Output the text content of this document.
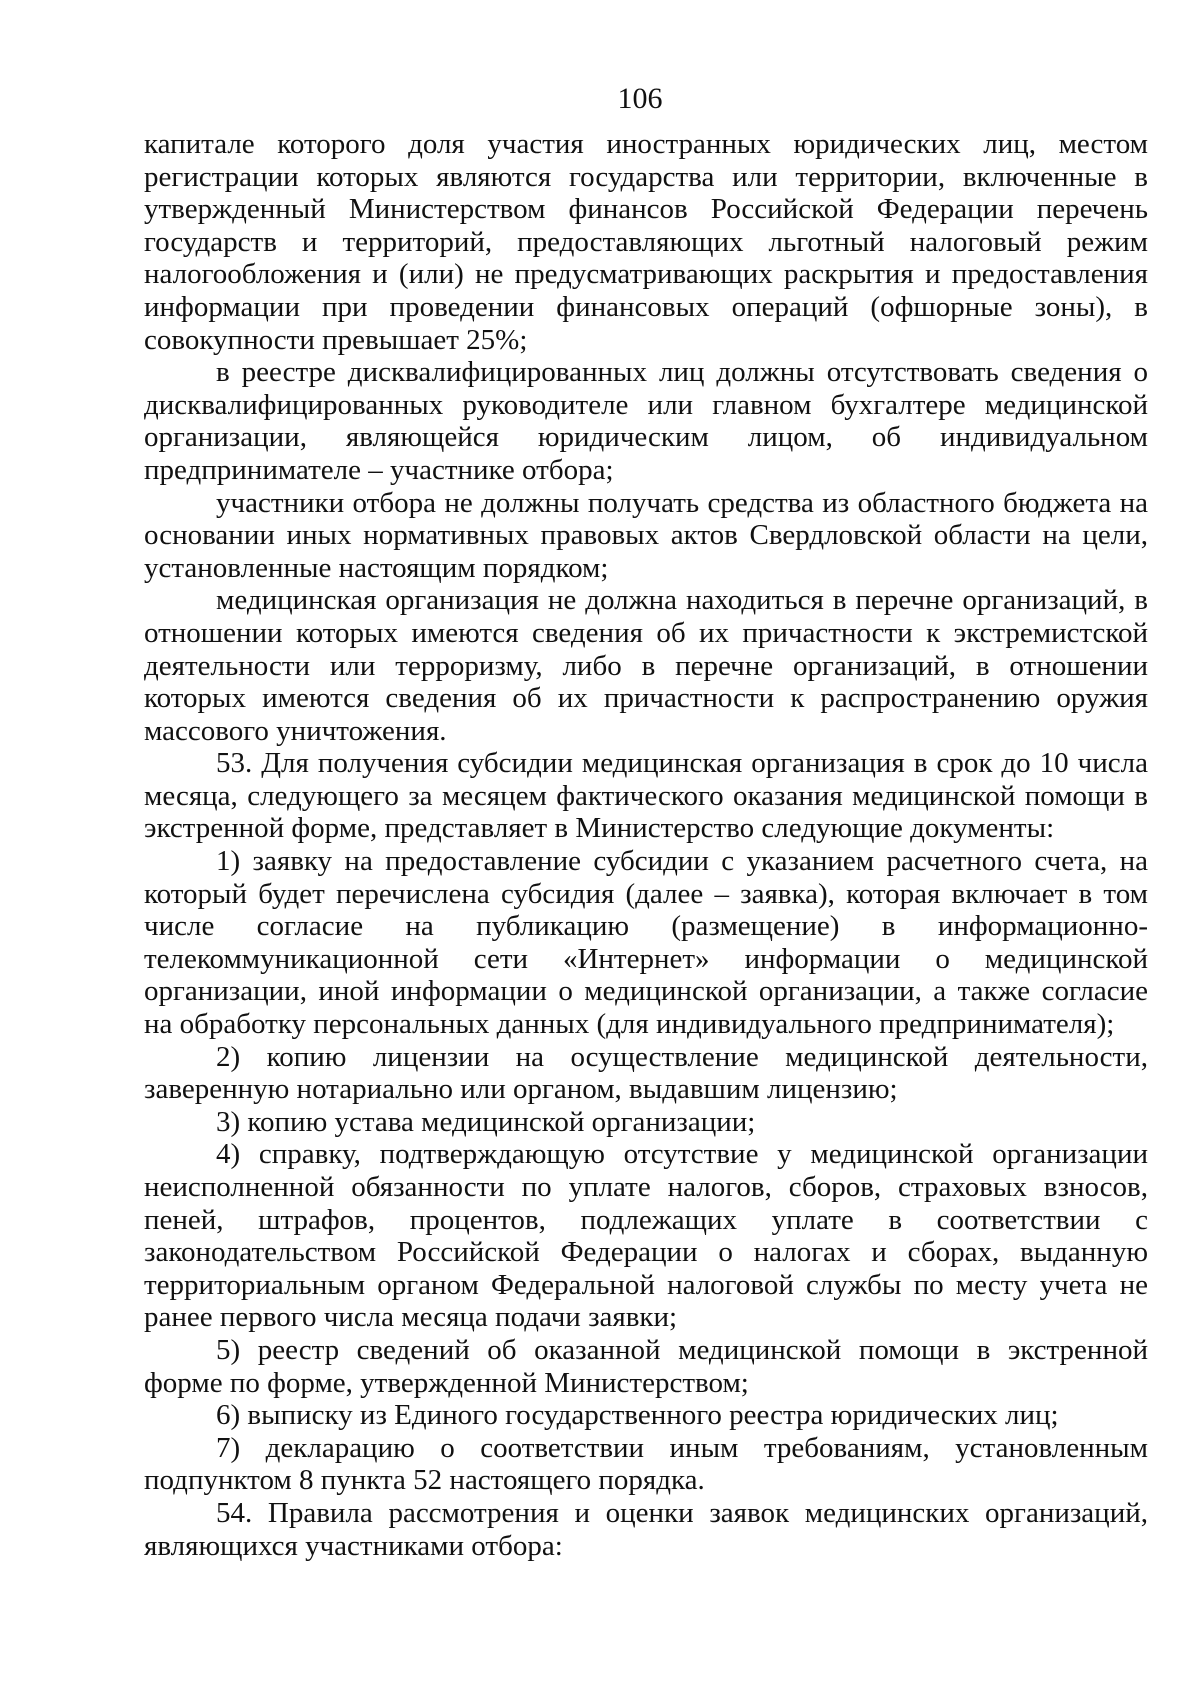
106

капитале которого доля участия иностранных юридических лиц, местом регистрации которых являются государства или территории, включенные в утвержденный Министерством финансов Российской Федерации перечень государств и территорий, предоставляющих льготный налоговый режим налогообложения и (или) не предусматривающих раскрытия и предоставления информации при проведении финансовых операций (офшорные зоны), в совокупности превышает 25%;

в реестре дисквалифицированных лиц должны отсутствовать сведения о дисквалифицированных руководителе или главном бухгалтере медицинской организации, являющейся юридическим лицом, об индивидуальном предпринимателе – участнике отбора;

участники отбора не должны получать средства из областного бюджета на основании иных нормативных правовых актов Свердловской области на цели, установленные настоящим порядком;

медицинская организация не должна находиться в перечне организаций, в отношении которых имеются сведения об их причастности к экстремистской деятельности или терроризму, либо в перечне организаций, в отношении которых имеются сведения об их причастности к распространению оружия массового уничтожения.

53. Для получения субсидии медицинская организация в срок до 10 числа месяца, следующего за месяцем фактического оказания медицинской помощи в экстренной форме, представляет в Министерство следующие документы:

1) заявку на предоставление субсидии с указанием расчетного счета, на который будет перечислена субсидия (далее – заявка), которая включает в том числе согласие на публикацию (размещение) в информационно-телекоммуникационной сети «Интернет» информации о медицинской организации, иной информации о медицинской организации, а также согласие на обработку персональных данных (для индивидуального предпринимателя);

2) копию лицензии на осуществление медицинской деятельности, заверенную нотариально или органом, выдавшим лицензию;

3) копию устава медицинской организации;

4) справку, подтверждающую отсутствие у медицинской организации неисполненной обязанности по уплате налогов, сборов, страховых взносов, пеней, штрафов, процентов, подлежащих уплате в соответствии с законодательством Российской Федерации о налогах и сборах, выданную территориальным органом Федеральной налоговой службы по месту учета не ранее первого числа месяца подачи заявки;

5) реестр сведений об оказанной медицинской помощи в экстренной форме по форме, утвержденной Министерством;

6) выписку из Единого государственного реестра юридических лиц;

7) декларацию о соответствии иным требованиям, установленным подпунктом 8 пункта 52 настоящего порядка.

54. Правила рассмотрения и оценки заявок медицинских организаций, являющихся участниками отбора:
